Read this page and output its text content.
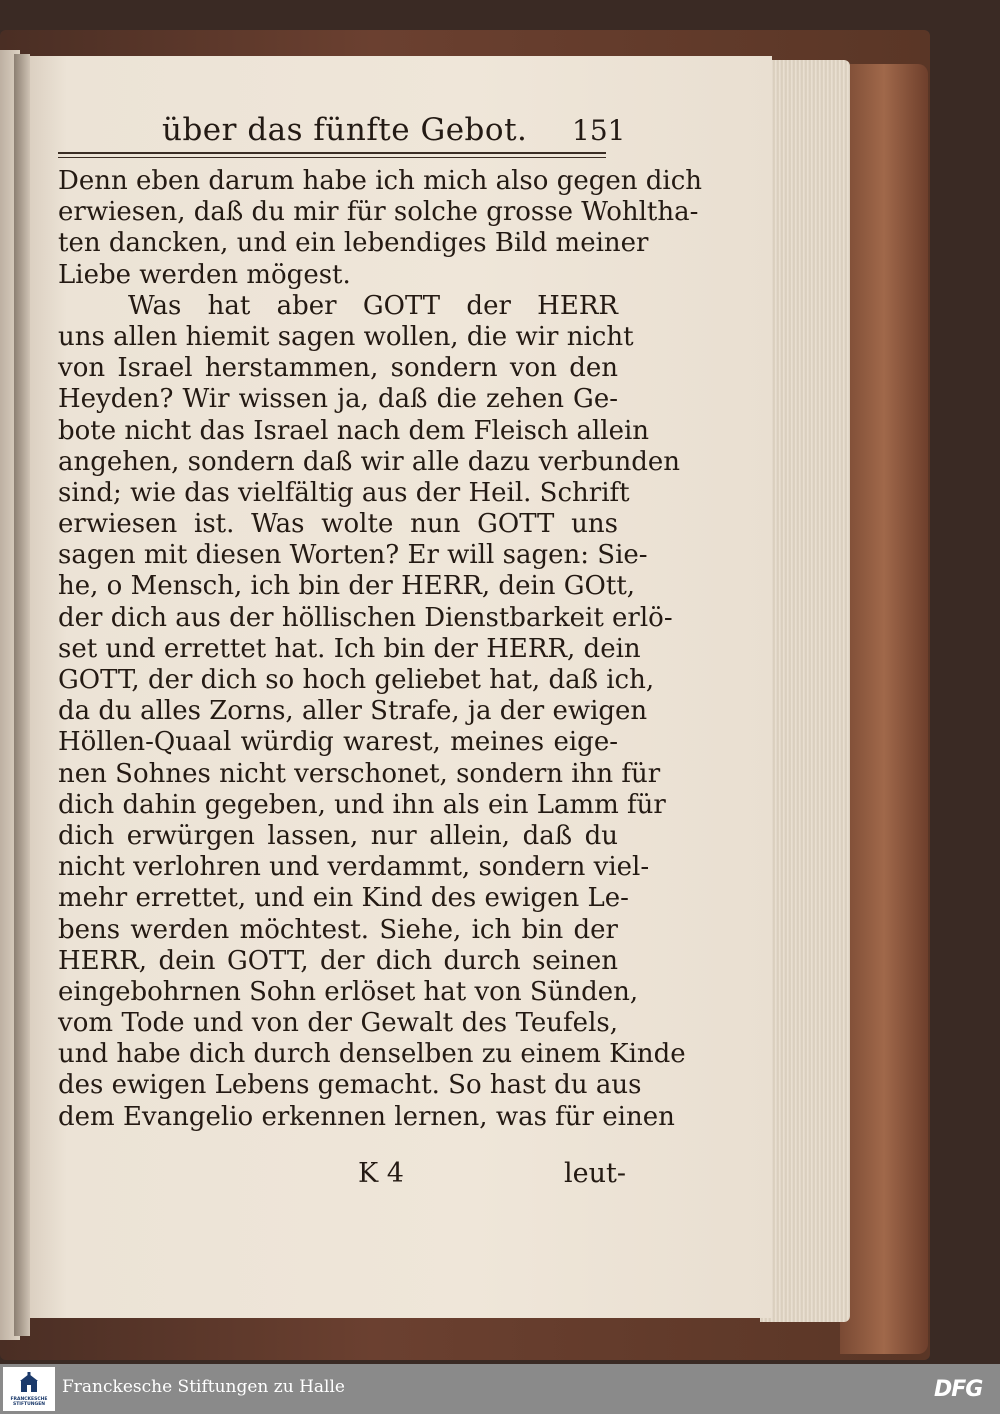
über das fünfte Gebot. 151
Denn eben darum habe ich mich also gegen dich
erwiesen, daß du mir für solche grosse Wohltha-
ten dancken, und ein lebendiges Bild meiner
Liebe werden mögest.
Was hat aber GOTT der HERR
uns allen hiemit sagen wollen, die wir nicht
von Israel herstammen, sondern von den
Heyden? Wir wissen ja, daß die zehen Ge-
bote nicht das Israel nach dem Fleisch allein
angehen, sondern daß wir alle dazu verbunden
sind; wie das vielfältig aus der Heil. Schrift
erwiesen ist. Was wolte nun GOTT uns
sagen mit diesen Worten? Er will sagen: Sie-
he, o Mensch, ich bin der HERR, dein GOtt,
der dich aus der höllischen Dienstbarkeit erlö-
set und errettet hat. Ich bin der HERR, dein
GOTT, der dich so hoch geliebet hat, daß ich,
da du alles Zorns, aller Strafe, ja der ewigen
Höllen-Quaal würdig warest, meines eige-
nen Sohnes nicht verschonet, sondern ihn für
dich dahin gegeben, und ihn als ein Lamm für
dich erwürgen lassen, nur allein, daß du
nicht verlohren und verdammt, sondern viel-
mehr errettet, und ein Kind des ewigen Le-
bens werden möchtest. Siehe, ich bin der
HERR, dein GOTT, der dich durch seinen
eingebohrnen Sohn erlöset hat von Sünden,
vom Tode und von der Gewalt des Teufels,
und habe dich durch denselben zu einem Kinde
des ewigen Lebens gemacht. So hast du aus
dem Evangelio erkennen lernen, was für einen
K 4	leut-
FRANCKESCHE STIFTUNGEN
Franckesche Stiftungen zu Halle	DFG
